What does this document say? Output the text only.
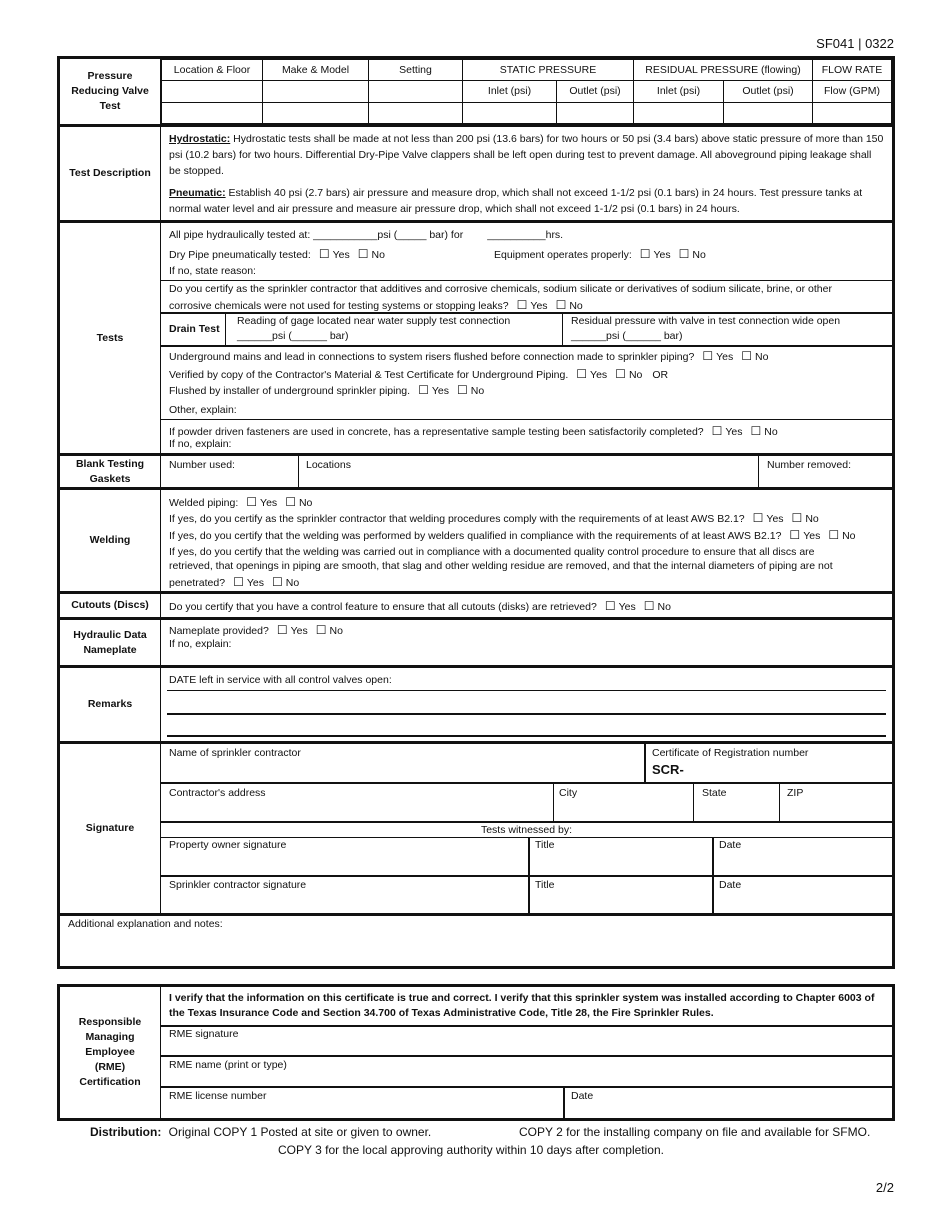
SF041 | 0322
Pressure Reducing Valve Test
Location & Floor	Make & Model	Setting	STATIC PRESSURE		RESIDUAL PRESSURE (flowing)		FLOW RATE
			Inlet (psi)	Outlet (psi)	Inlet (psi)	Outlet (psi)	Flow (GPM)

Test Description
Hydrostatic: Hydrostatic tests shall be made at not less than 200 psi (13.6 bars) for two hours or 50 psi (3.4 bars) above static pressure of more than 150 psi (10.2 bars) for two hours. Differential Dry-Pipe Valve clappers shall be left open during test to prevent damage. All aboveground piping leakage shall be stopped.
Pneumatic: Establish 40 psi (2.7 bars) air pressure and measure drop, which shall not exceed 1-1/2 psi (0.1 bars) in 24 hours. Test pressure tanks at normal water level and air pressure and measure air pressure drop, which shall not exceed 1-1/2 psi (0.1 bars) in 24 hours.
Tests
All pipe hydraulically tested at: ___________psi (_____ bar) for __________hrs.
Dry Pipe pneumatically tested: ☐ Yes ☐ No	Equipment operates properly: ☐ Yes ☐ No
If no, state reason:
Do you certify as the sprinkler contractor that additives and corrosive chemicals, sodium silicate or derivatives of sodium silicate, brine, or other
corrosive chemicals were not used for testing systems or stopping leaks? ☐ Yes ☐ No
Drain Test
Reading of gage located near water supply test connection
______psi (______ bar)
Residual pressure with valve in test connection wide open
______psi (______ bar)
Underground mains and lead in connections to system risers flushed before connection made to sprinkler piping? ☐ Yes ☐ No
Verified by copy of the Contractor's Material & Test Certificate for Underground Piping. ☐ Yes ☐ No OR
Flushed by installer of underground sprinkler piping. ☐ Yes ☐ No
Other, explain:
If powder driven fasteners are used in concrete, has a representative sample testing been satisfactorily completed? ☐ Yes ☐ No
If no, explain:
Blank Testing Gaskets
Number used:	Locations	Number removed:
Welding
Welded piping: ☐ Yes ☐ No
If yes, do you certify as the sprinkler contractor that welding procedures comply with the requirements of at least AWS B2.1? ☐ Yes ☐ No
If yes, do you certify that the welding was performed by welders qualified in compliance with the requirements of at least AWS B2.1? ☐ Yes ☐ No
If yes, do you certify that the welding was carried out in compliance with a documented quality control procedure to ensure that all discs are
retrieved, that openings in piping are smooth, that slag and other welding residue are removed, and that the internal diameters of piping are not
penetrated? ☐ Yes ☐ No
Cutouts (Discs)	Do you certify that you have a control feature to ensure that all cutouts (disks) are retrieved? ☐ Yes ☐ No
Hydraulic Data Nameplate
Nameplate provided? ☐ Yes ☐ No
If no, explain:
Remarks
DATE left in service with all control valves open:
Signature
Name of sprinkler contractor	Certificate of Registration number
SCR-
Contractor's address	City	State	ZIP
Tests witnessed by:
Property owner signature	Title	Date
Sprinkler contractor signature	Title	Date
Additional explanation and notes:
Responsible Managing Employee (RME) Certification
I verify that the information on this certificate is true and correct. I verify that this sprinkler system was installed according to Chapter 6003 of the Texas Insurance Code and Section 34.700 of Texas Administrative Code, Title 28, the Fire Sprinkler Rules.
RME signature
RME name (print or type)
RME license number	Date
Distribution: Original COPY 1 Posted at site or given to owner.	COPY 2 for the installing company on file and available for SFMO.
COPY 3 for the local approving authority within 10 days after completion.
2/2
